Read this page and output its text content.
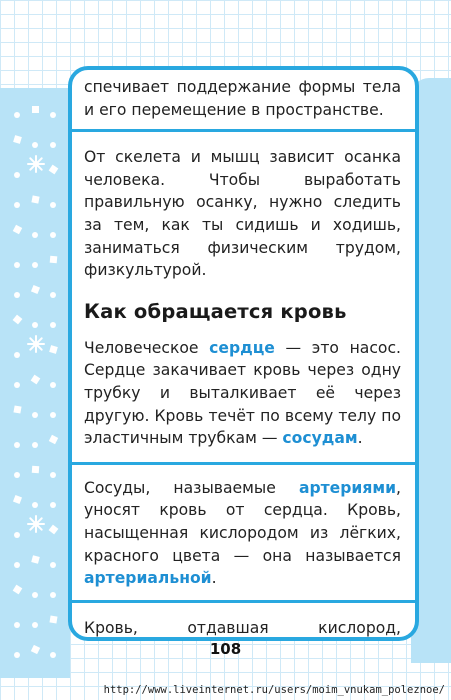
спечивает поддержание формы тела и его перемещение в пространстве.

От скелета и мышц зависит осанка человека. Чтобы выработать правильную осанку, нужно следить за тем, как ты сидишь и ходишь, заниматься физическим трудом, физкультурой.

Как обращается кровь

Человеческое сердце — это насос. Сердце закачивает кровь через одну трубку и выталкивает её через другую. Кровь течёт по всему телу по эластичным трубкам — сосудам.

Сосуды, называемые артериями, уносят кровь от сердца. Кровь, насыщенная кислородом из лёгких, красного цвета — она называется артериальной.

Кровь, отдавшая кислород,

108
http://www.liveinternet.ru/users/moim_vnukam_poleznoe/
